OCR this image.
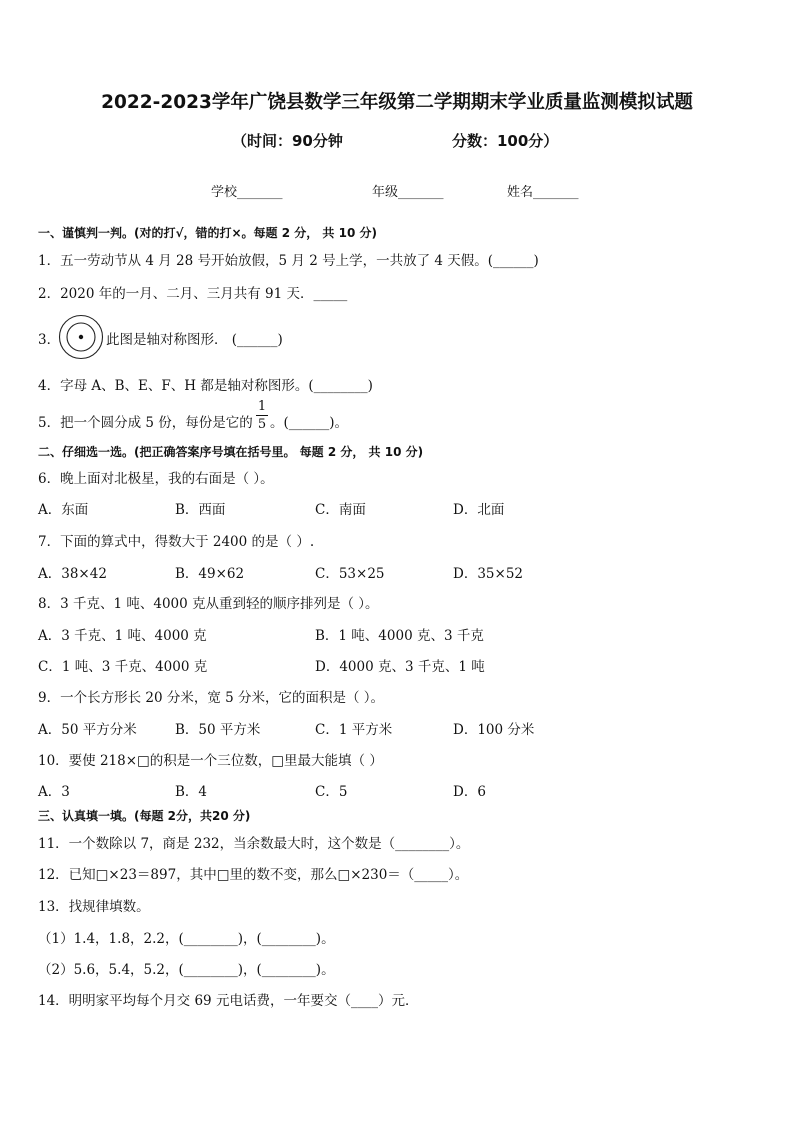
2022-2023学年广饶县数学三年级第二学期期末学业质量监测模拟试题
（时间：90分钟	分数：100分）
学校_______	年级_______	姓名_______
一、谨慎判一判。(对的打√，错的打×。每题 2 分， 共 10 分)
1．五一劳动节从 4 月 28 号开始放假，5 月 2 号上学，一共放了 4 天假。(______)
2．2020 年的一月、二月、三月共有 91 天．_____
3．	此图是轴对称图形． (______)
4．字母 A、B、E、F、H 都是轴对称图形。(________)
5．把一个圆分成 5 份，每份是它的
1
5 。(______)。
二、仔细选一选。(把正确答案序号填在括号里。 每题 2 分， 共 10 分)
6．晚上面对北极星，我的右面是（ ）。
A．东面	B．西面	C．南面	D．北面
7．下面的算式中，得数大于 2400 的是（ ）.
A．38×42	B．49×62	C．53×25	D．35×52
8．3 千克、1 吨、4000 克从重到轻的顺序排列是（ ）。
A．3 千克、1 吨、4000 克	B．1 吨、4000 克、3 千克
C．1 吨、3 千克、4000 克	D．4000 克、3 千克、1 吨
9．一个长方形长 20 分米，宽 5 分米，它的面积是（ ）。
A．50 平方分米	B．50 平方米	C．1 平方米	D．100 分米
10．要使 218×□的积是一个三位数，□里最大能填（ ）
A．3	B．4	C．5	D．6
三、认真填一填。(每题 2分，共20 分)
11．一个数除以 7，商是 232，当余数最大时，这个数是（________）。
12．已知□×23＝897，其中□里的数不变，那么□×230＝（_____）。
13．找规律填数。
（1）1.4，1.8，2.2，(________)，(________)。
（2）5.6，5.4，5.2，(________)，(________)。
14．明明家平均每个月交 69 元电话费，一年要交（____）元．
